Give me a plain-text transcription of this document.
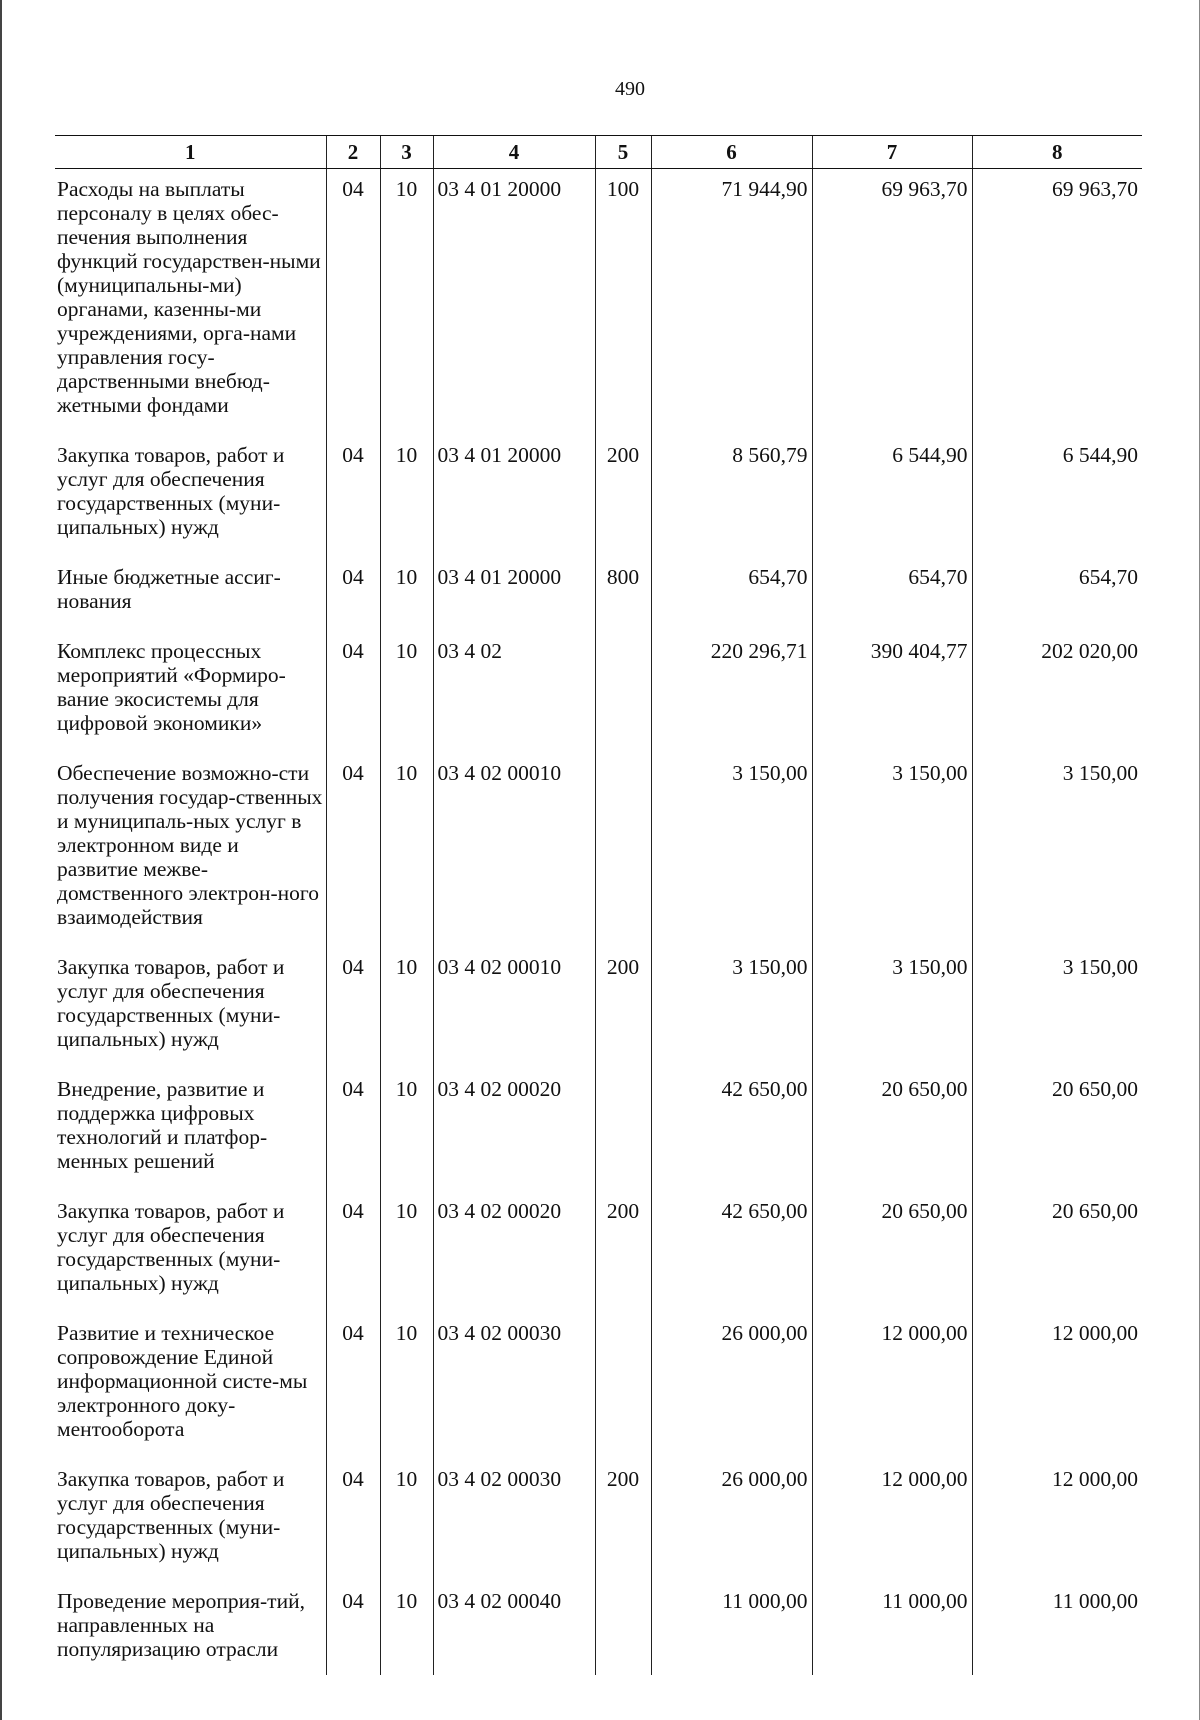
490
1	2	3	4	5	6	7	8
Расходы на выплаты персоналу в целях обес-печения выполнения функций государствен-ными (муниципальны-ми) органами, казенны-ми учреждениями, орга-нами управления госу-дарственными внебюд-жетными фондами	04	10	03 4 01 20000	100	71 944,90	69 963,70	69 963,70
Закупка товаров, работ и услуг для обеспечения государственных (муни-ципальных) нужд	04	10	03 4 01 20000	200	8 560,79	6 544,90	6 544,90
Иные бюджетные ассиг-нования	04	10	03 4 01 20000	800	654,70	654,70	654,70
Комплекс процессных мероприятий «Формиро-вание экосистемы для цифровой экономики»	04	10	03 4 02		220 296,71	390 404,77	202 020,00
Обеспечение возможно-сти получения государ-ственных и муниципаль-ных услуг в электронном виде и развитие межве-домственного электрон-ного взаимодействия	04	10	03 4 02 00010		3 150,00	3 150,00	3 150,00
Закупка товаров, работ и услуг для обеспечения государственных (муни-ципальных) нужд	04	10	03 4 02 00010	200	3 150,00	3 150,00	3 150,00
Внедрение, развитие и поддержка цифровых технологий и платфор-менных решений	04	10	03 4 02 00020		42 650,00	20 650,00	20 650,00
Закупка товаров, работ и услуг для обеспечения государственных (муни-ципальных) нужд	04	10	03 4 02 00020	200	42 650,00	20 650,00	20 650,00
Развитие и техническое сопровождение Единой информационной систе-мы электронного доку-ментооборота	04	10	03 4 02 00030		26 000,00	12 000,00	12 000,00
Закупка товаров, работ и услуг для обеспечения государственных (муни-ципальных) нужд	04	10	03 4 02 00030	200	26 000,00	12 000,00	12 000,00
Проведение мероприя-тий, направленных на популяризацию отрасли	04	10	03 4 02 00040		11 000,00	11 000,00	11 000,00
